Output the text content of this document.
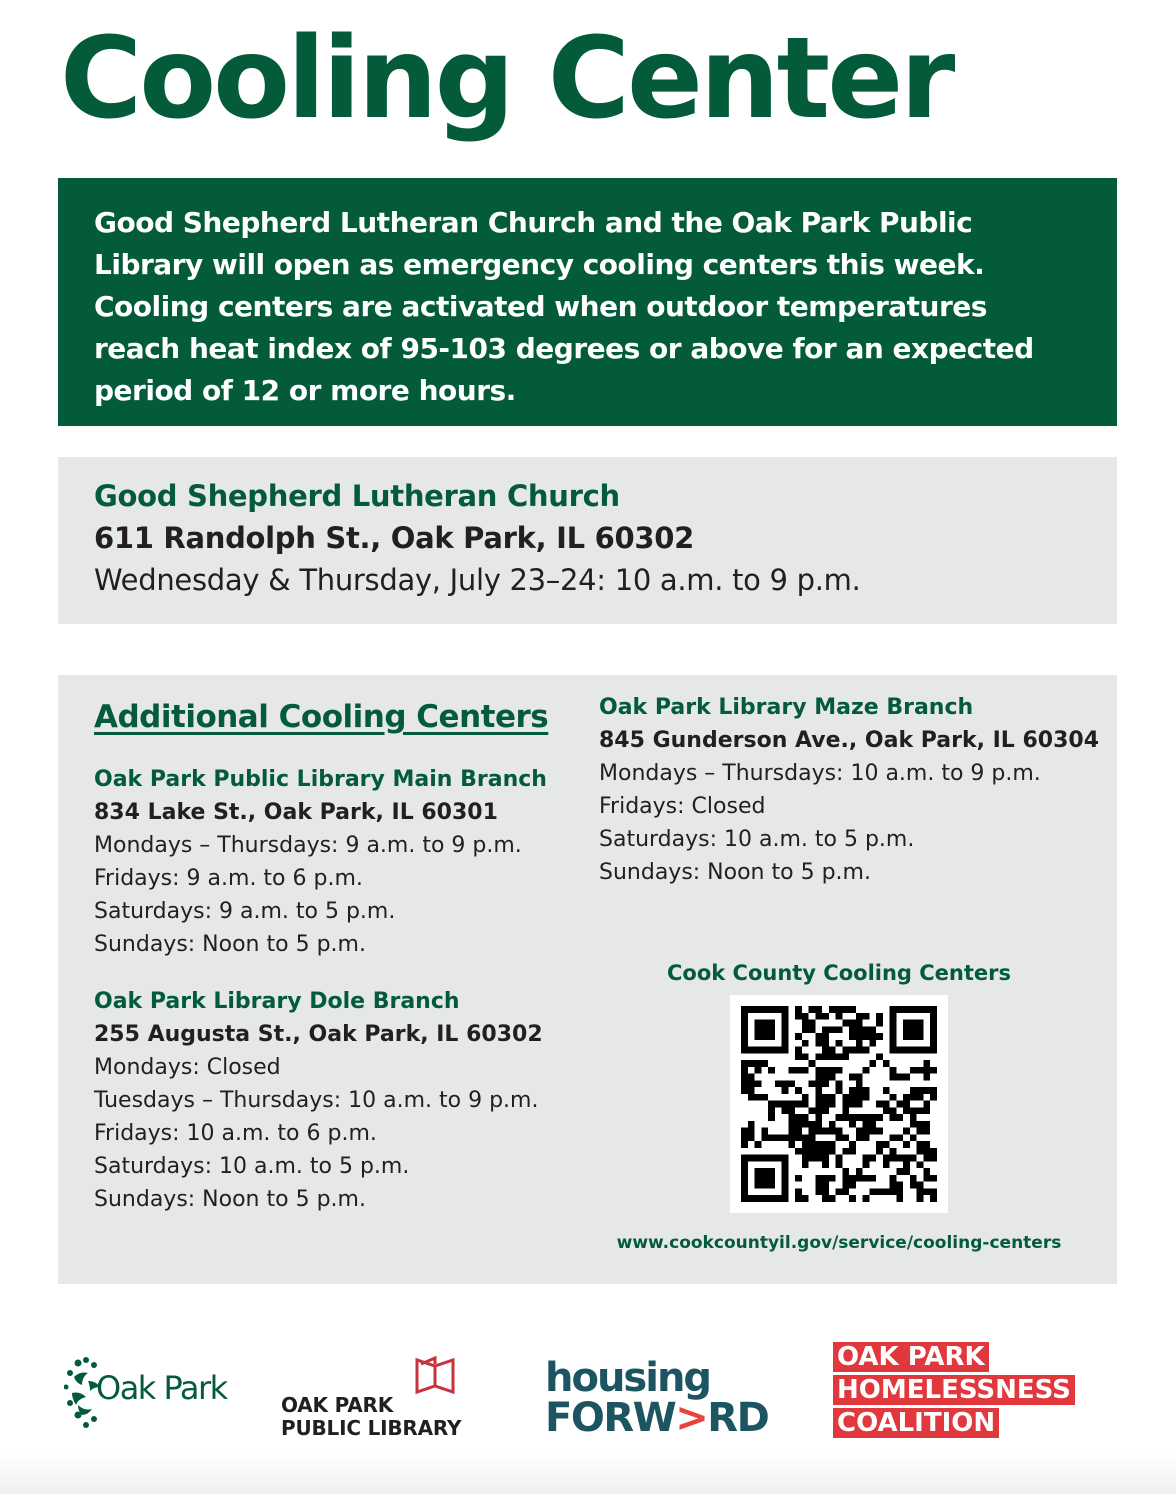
Cooling Center

Good Shepherd Lutheran Church and the Oak Park Public Library will open as emergency cooling centers this week. Cooling centers are activated when outdoor temperatures reach heat index of 95-103 degrees or above for an expected period of 12 or more hours.

Good Shepherd Lutheran Church
611 Randolph St., Oak Park, IL 60302
Wednesday & Thursday, July 23–24: 10 a.m. to 9 p.m.
Additional Cooling Centers
Oak Park Public Library Main Branch
834 Lake St., Oak Park, IL 60301
Mondays – Thursdays: 9 a.m. to 9 p.m.
Fridays: 9 a.m. to 6 p.m.
Saturdays: 9 a.m. to 5 p.m.
Sundays: Noon to 5 p.m.
Oak Park Library Dole Branch
255 Augusta St., Oak Park, IL 60302
Mondays: Closed
Tuesdays – Thursdays: 10 a.m. to 9 p.m.
Fridays: 10 a.m. to 6 p.m.
Saturdays: 10 a.m. to 5 p.m.
Sundays: Noon to 5 p.m.
Oak Park Library Maze Branch
845 Gunderson Ave., Oak Park, IL 60304
Mondays – Thursdays: 10 a.m. to 9 p.m.
Fridays: Closed
Saturdays: 10 a.m. to 5 p.m.
Sundays: Noon to 5 p.m.
Cook County Cooling Centers
www.cookcountyil.gov/service/cooling-centers
Oak Park	OAK PARK
PUBLIC LIBRARY
housing
FORW>RD
OAK PARK
HOMELESSNESS
COALITION
